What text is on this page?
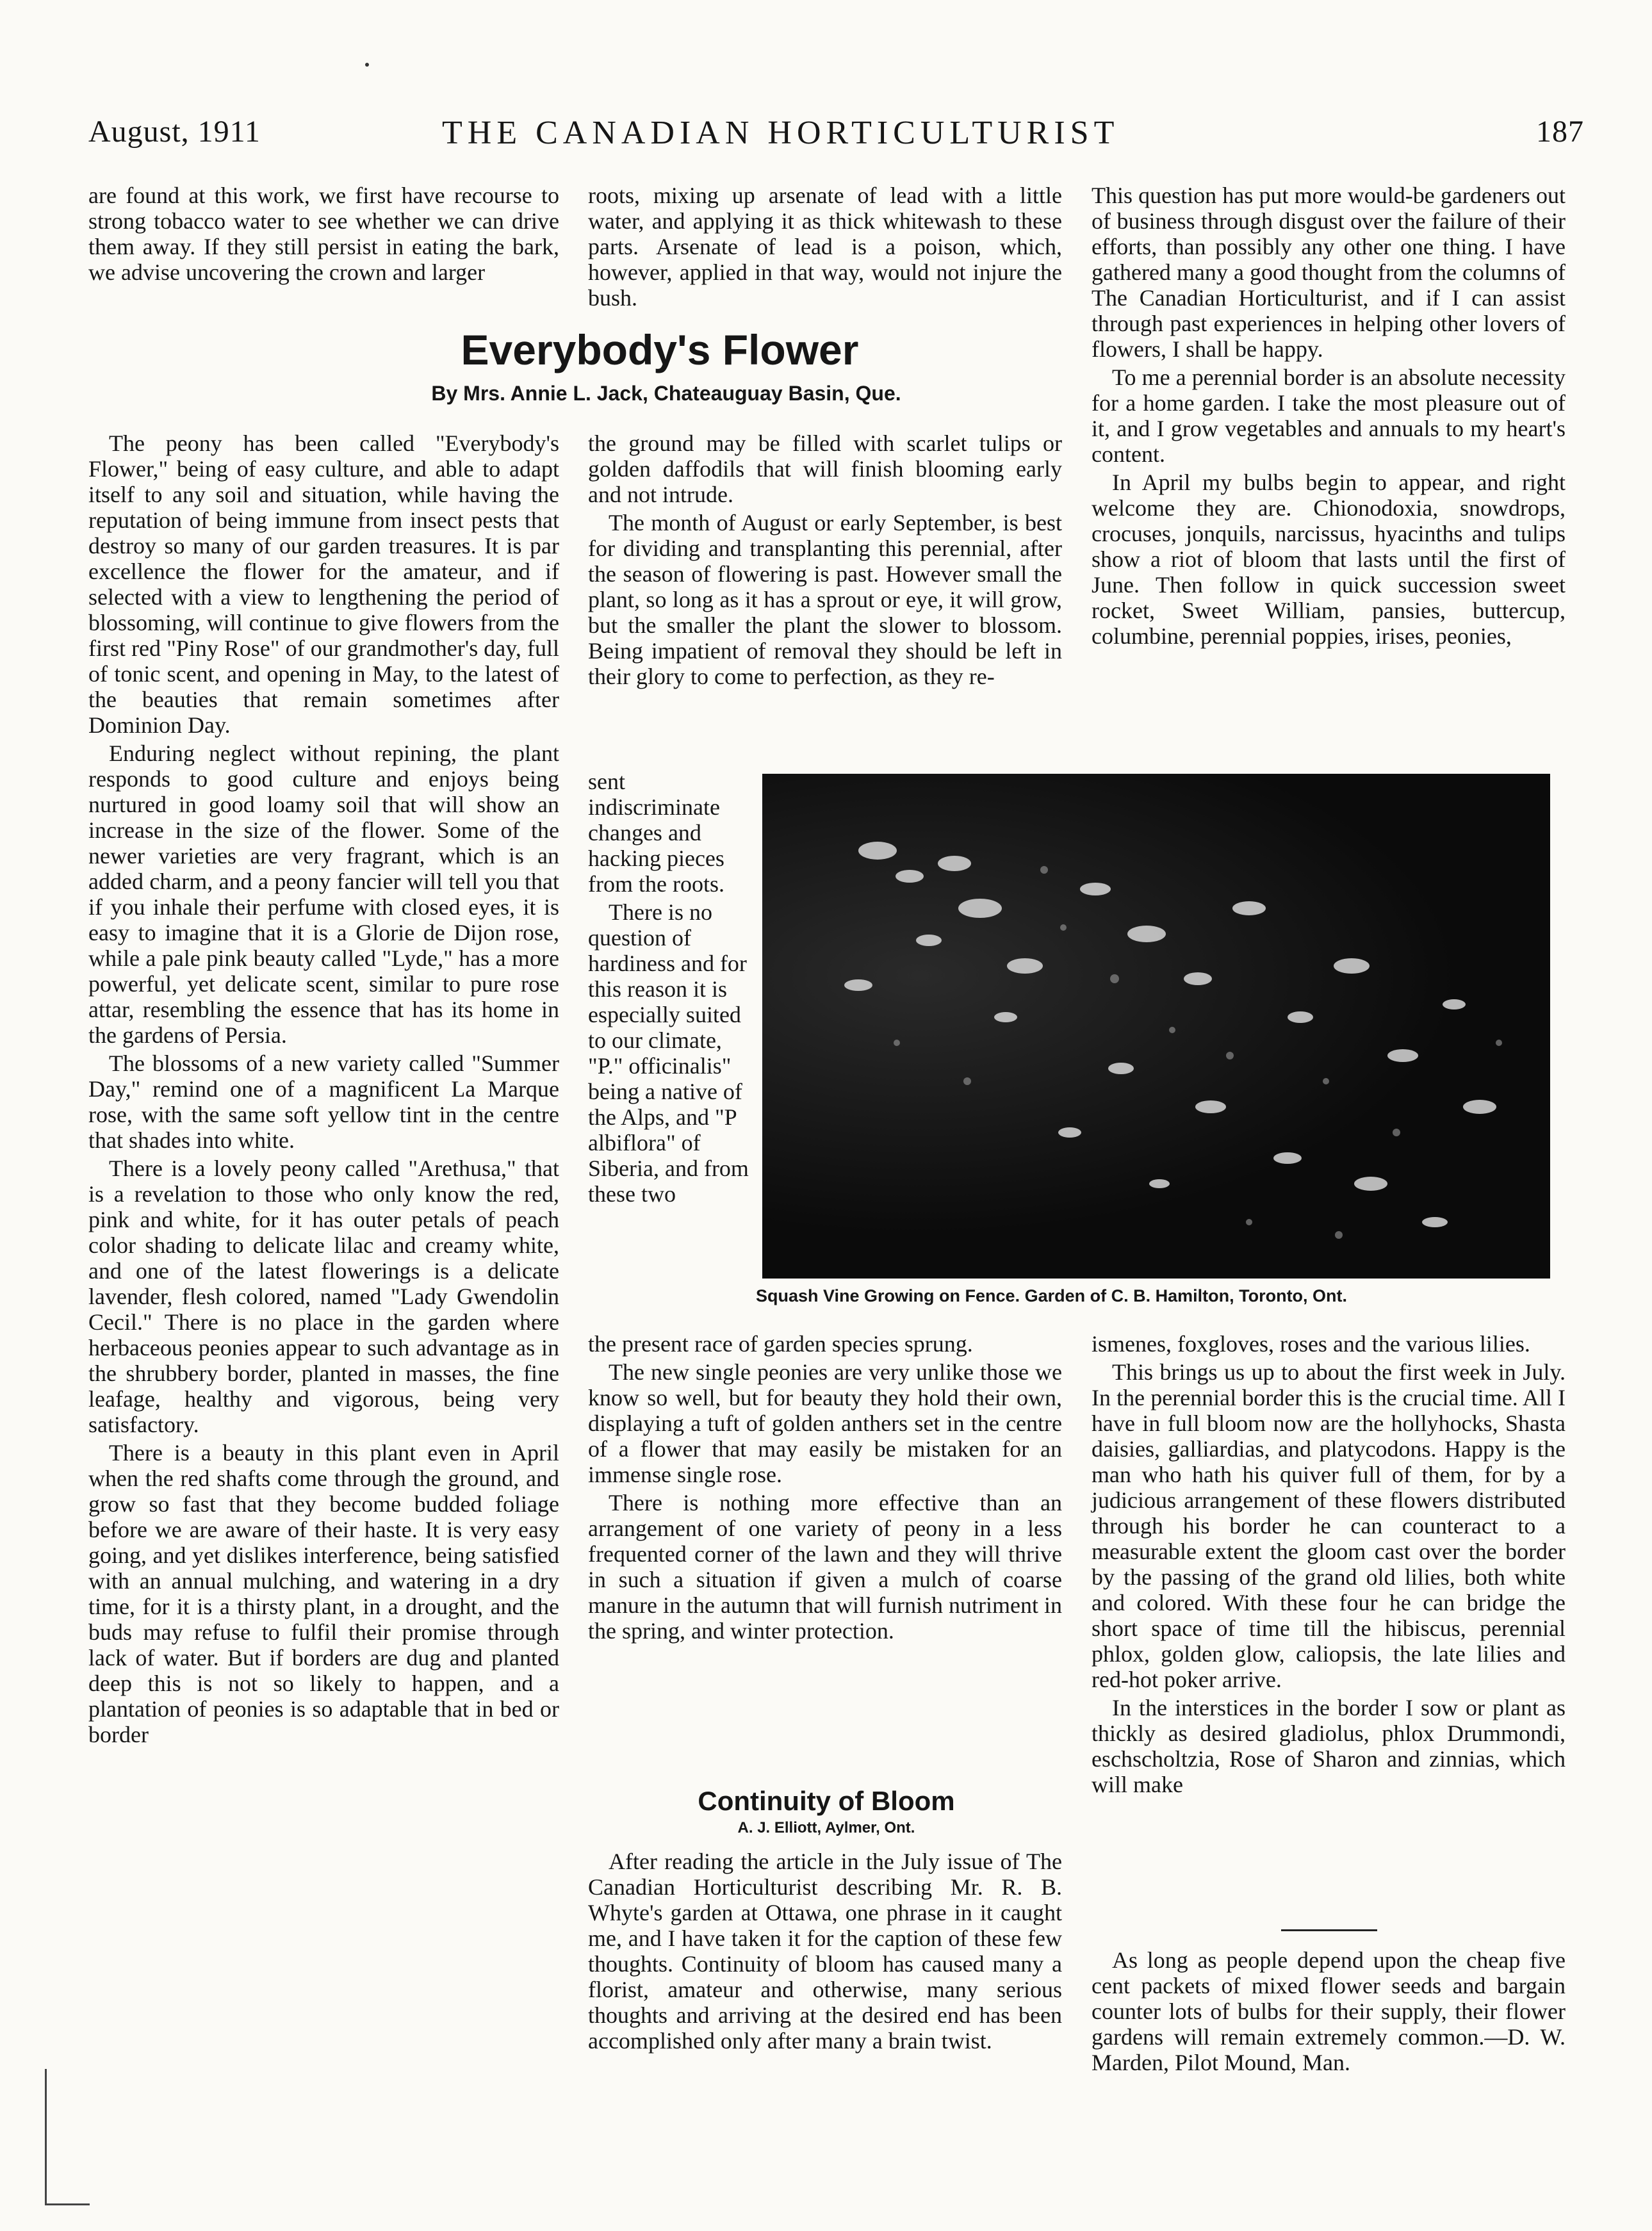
August, 1911	THE CANADIAN HORTICULTURIST	187

are found at this work, we first have recourse to strong tobacco water to see whether we can drive them away. If they still persist in eating the bark, we advise uncovering the crown and larger

roots, mixing up arsenate of lead with a little water, and applying it as thick whitewash to these parts. Arsenate of lead is a poison, which, however, applied in that way, would not injure the bush.

Everybody's Flower
By Mrs. Annie L. Jack, Chateauguay Basin, Que.

The peony has been called "Everybody's Flower," being of easy culture, and able to adapt itself to any soil and situation, while having the reputation of being immune from insect pests that destroy so many of our garden treasures. It is par excellence the flower for the amateur, and if selected with a view to lengthening the period of blossoming, will continue to give flowers from the first red "Piny Rose" of our grandmother's day, full of tonic scent, and opening in May, to the latest of the beauties that remain sometimes after Dominion Day.

Enduring neglect without repining, the plant responds to good culture and enjoys being nurtured in good loamy soil that will show an increase in the size of the flower. Some of the newer varieties are very fragrant, which is an added charm, and a peony fancier will tell you that if you inhale their perfume with closed eyes, it is easy to imagine that it is a Glorie de Dijon rose, while a pale pink beauty called "Lyde," has a more powerful, yet delicate scent, similar to pure rose attar, resembling the essence that has its home in the gardens of Persia.

The blossoms of a new variety called "Summer Day," remind one of a magnificent La Marque rose, with the same soft yellow tint in the centre that shades into white.

There is a lovely peony called "Arethusa," that is a revelation to those who only know the red, pink and white, for it has outer petals of peach color shading to delicate lilac and creamy white, and one of the latest flowerings is a delicate lavender, flesh colored, named "Lady Gwendolin Cecil." There is no place in the garden where herbaceous peonies appear to such advantage as in the shrubbery border, planted in masses, the fine leafage, healthy and vigorous, being very satisfactory.

There is a beauty in this plant even in April when the red shafts come through the ground, and grow so fast that they become budded foliage before we are aware of their haste. It is very easy going, and yet dislikes interference, being satisfied with an annual mulching, and watering in a dry time, for it is a thirsty plant, in a drought, and the buds may refuse to fulfil their promise through lack of water. But if borders are dug and planted deep this is not so likely to happen, and a plantation of peonies is so adaptable that in bed or border

the ground may be filled with scarlet tulips or golden daffodils that will finish blooming early and not intrude.

The month of August or early September, is best for dividing and transplanting this perennial, after the season of flowering is past. However small the plant, so long as it has a sprout or eye, it will grow, but the smaller the plant the slower to blossom. Being impatient of removal they should be left in their glory to come to perfection, as they re-

sent indiscriminate changes and hacking pieces from the roots.

There is no question of hardiness and for this reason it is especially suited to our climate, "P." officinalis" being a native of the Alps, and "P albiflora" of Siberia, and from these two

Squash Vine Growing on Fence. Garden of C. B. Hamilton, Toronto, Ont.

the present race of garden species sprung.

The new single peonies are very unlike those we know so well, but for beauty they hold their own, displaying a tuft of golden anthers set in the centre of a flower that may easily be mistaken for an immense single rose.

There is nothing more effective than an arrangement of one variety of peony in a less frequented corner of the lawn and they will thrive in such a situation if given a mulch of coarse manure in the autumn that will furnish nutriment in the spring, and winter protection.

Continuity of Bloom
A. J. Elliott, Aylmer, Ont.

After reading the article in the July issue of The Canadian Horticulturist describing Mr. R. B. Whyte's garden at Ottawa, one phrase in it caught me, and I have taken it for the caption of these few thoughts. Continuity of bloom has caused many a florist, amateur and otherwise, many serious thoughts and arriving at the desired end has been accomplished only after many a brain twist.

This question has put more would-be gardeners out of business through disgust over the failure of their efforts, than possibly any other one thing. I have gathered many a good thought from the columns of The Canadian Horticulturist, and if I can assist through past experiences in helping other lovers of flowers, I shall be happy.

To me a perennial border is an absolute necessity for a home garden. I take the most pleasure out of it, and I grow vegetables and annuals to my heart's content.

In April my bulbs begin to appear, and right welcome they are. Chionodoxia, snowdrops, crocuses, jonquils, narcissus, hyacinths and tulips show a riot of bloom that lasts until the first of June. Then follow in quick succession sweet rocket, Sweet William, pansies, buttercup, columbine, perennial poppies, irises, peonies,

ismenes, foxgloves, roses and the various lilies.

This brings us up to about the first week in July. In the perennial border this is the crucial time. All I have in full bloom now are the hollyhocks, Shasta daisies, galliardias, and platycodons. Happy is the man who hath his quiver full of them, for by a judicious arrangement of these flowers distributed through his border he can counteract to a measurable extent the gloom cast over the border by the passing of the grand old lilies, both white and colored. With these four he can bridge the short space of time till the hibiscus, perennial phlox, golden glow, caliopsis, the late lilies and red-hot poker arrive.

In the interstices in the border I sow or plant as thickly as desired gladiolus, phlox Drummondi, eschscholtzia, Rose of Sharon and zinnias, which will make

As long as people depend upon the cheap five cent packets of mixed flower seeds and bargain counter lots of bulbs for their supply, their flower gardens will remain extremely common.—D. W. Marden, Pilot Mound, Man.
